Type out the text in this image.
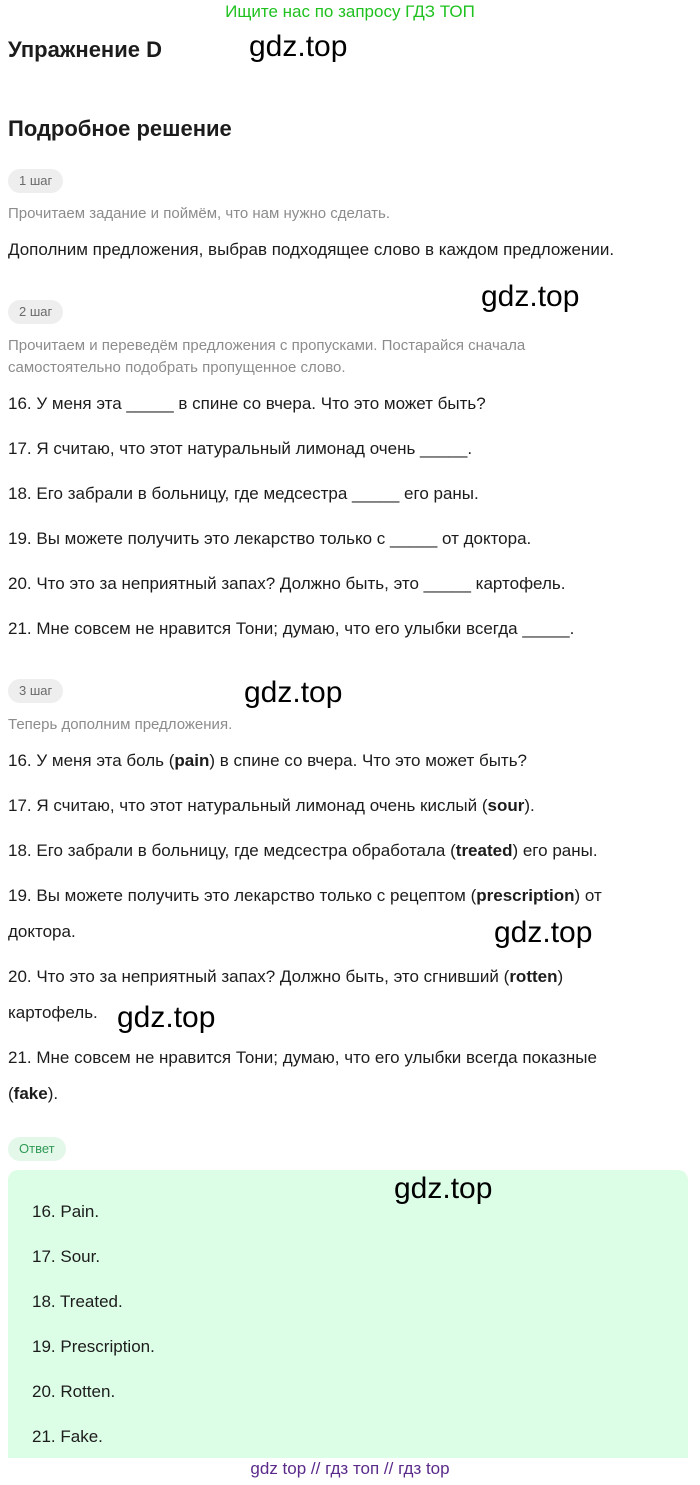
Ищите нас по запросу ГДЗ ТОП
Упражнение D	gdz.top
Подробное решение
1 шаг
Прочитаем задание и поймём, что нам нужно сделать.
Дополним предложения, выбрав подходящее слово в каждом предложении.
2 шаг	gdz.top
Прочитаем и переведём предложения с пропусками. Постарайся сначала
самостоятельно подобрать пропущенное слово.
16. У меня эта _____ в спине со вчера. Что это может быть?
17. Я считаю, что этот натуральный лимонад очень _____.
18. Его забрали в больницу, где медсестра _____ его раны.
19. Вы можете получить это лекарство только с _____ от доктора.
20. Что это за неприятный запах? Должно быть, это _____ картофель.
21. Мне совсем не нравится Тони; думаю, что его улыбки всегда _____.
3 шаг	gdz.top
Теперь дополним предложения.
16. У меня эта боль (pain) в спине со вчера. Что это может быть?
17. Я считаю, что этот натуральный лимонад очень кислый (sour).
18. Его забрали в больницу, где медсестра обработала (treated) его раны.
19. Вы можете получить это лекарство только с рецептом (prescription) от
доктора.	gdz.top
20. Что это за неприятный запах? Должно быть, это сгнивший (rotten)
картофель. gdz.top
21. Мне совсем не нравится Тони; думаю, что его улыбки всегда показные
(fake).
Ответ
gdz.top
16. Pain.
17. Sour.
18. Treated.
19. Prescription.
20. Rotten.
21. Fake.
gdz top // гдз топ // гдз top
